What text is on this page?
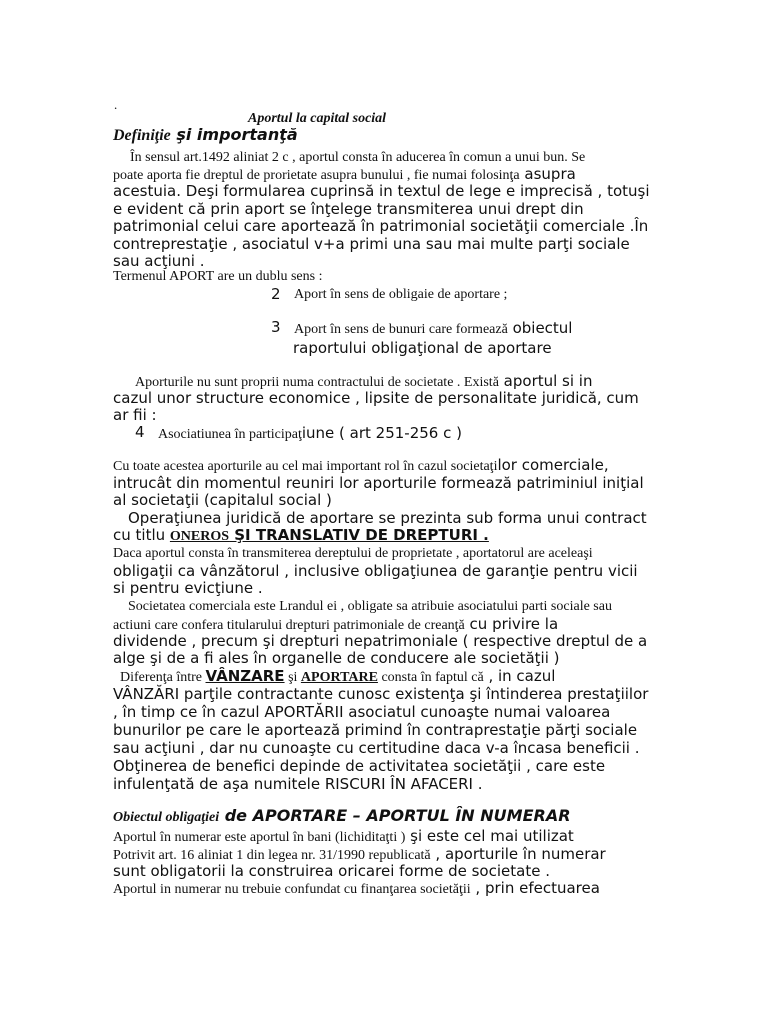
.
Aportul la capital social
Definiţie şi importanţă
În sensul art.1492 aliniat 2 c , aportul consta în aducerea în comun a unui bun. Se
poate aporta fie dreptul de prorietate asupra bunului , fie numai folosinţa asupra
acestuia. Deşi formularea cuprinsă in textul de lege e imprecisă , totuşi
e evident că prin aport se înţelege transmiterea unui drept din
patrimonial celui care aportează în patrimonial societăţii comerciale .În
contreprestaţie , asociatul v+a primi una sau mai multe parţi sociale
sau acţiuni .
Termenul APORT are un dublu sens :
2 Aport în sens de obligaie de aportare ;
3 Aport în sens de bunuri care formează obiectul
raportului obligaţional de aportare
Aporturile nu sunt proprii numa contractului de societate . Există aportul si in
cazul unor structure economice , lipsite de personalitate juridică, cum
ar fii :
4 Asociatiunea în participaţiune ( art 251-256 c )
Cu toate acestea aporturile au cel mai important rol în cazul societaţilor comerciale,
intrucât din momentul reuniri lor aporturile formează patriminiul iniţial
al societaţii (capitalul social )
Operaţiunea juridică de aportare se prezinta sub forma unui contract
cu titlu ONEROS ŞI TRANSLATIV DE DREPTURI .
Daca aportul consta în transmiterea dereptului de proprietate , aportatorul are aceleaşi
obligaţii ca vânzătorul , inclusive obligaţiunea de garanţie pentru vicii
si pentru evicţiune .
Societatea comerciala este Lrandul ei , obligate sa atribuie asociatului parti sociale sau
actiuni care confera titularului drepturi patrimoniale de creanţă cu privire la
dividende , precum şi drepturi nepatrimoniale ( respective dreptul de a
alge şi de a fi ales în organelle de conducere ale societăţii )
Diferenţa între VÂNZARE şi APORTARE consta în faptul că , in cazul
VÂNZĂRI parţile contractante cunosc existenţa şi întinderea prestaţiilor
, în timp ce în cazul APORTĂRII asociatul cunoaşte numai valoarea
bunurilor pe care le aportează primind în contraprestaţie părţi sociale
sau acţiuni , dar nu cunoaşte cu certitudine daca v-a încasa beneficii .
Obţinerea de benefici depinde de activitatea societăţii , care este
infulenţată de aşa numitele RISCURI ÎN AFACERI .
Obiectul obligaţiei de APORTARE – APORTUL ÎN NUMERAR
Aportul în numerar este aportul în bani (lichiditaţti ) şi este cel mai utilizat
Potrivit art. 16 aliniat 1 din legea nr. 31/1990 republicată , aporturile în numerar
sunt obligatorii la construirea oricarei forme de societate .
Aportul in numerar nu trebuie confundat cu finanţarea societăţii , prin efectuarea
